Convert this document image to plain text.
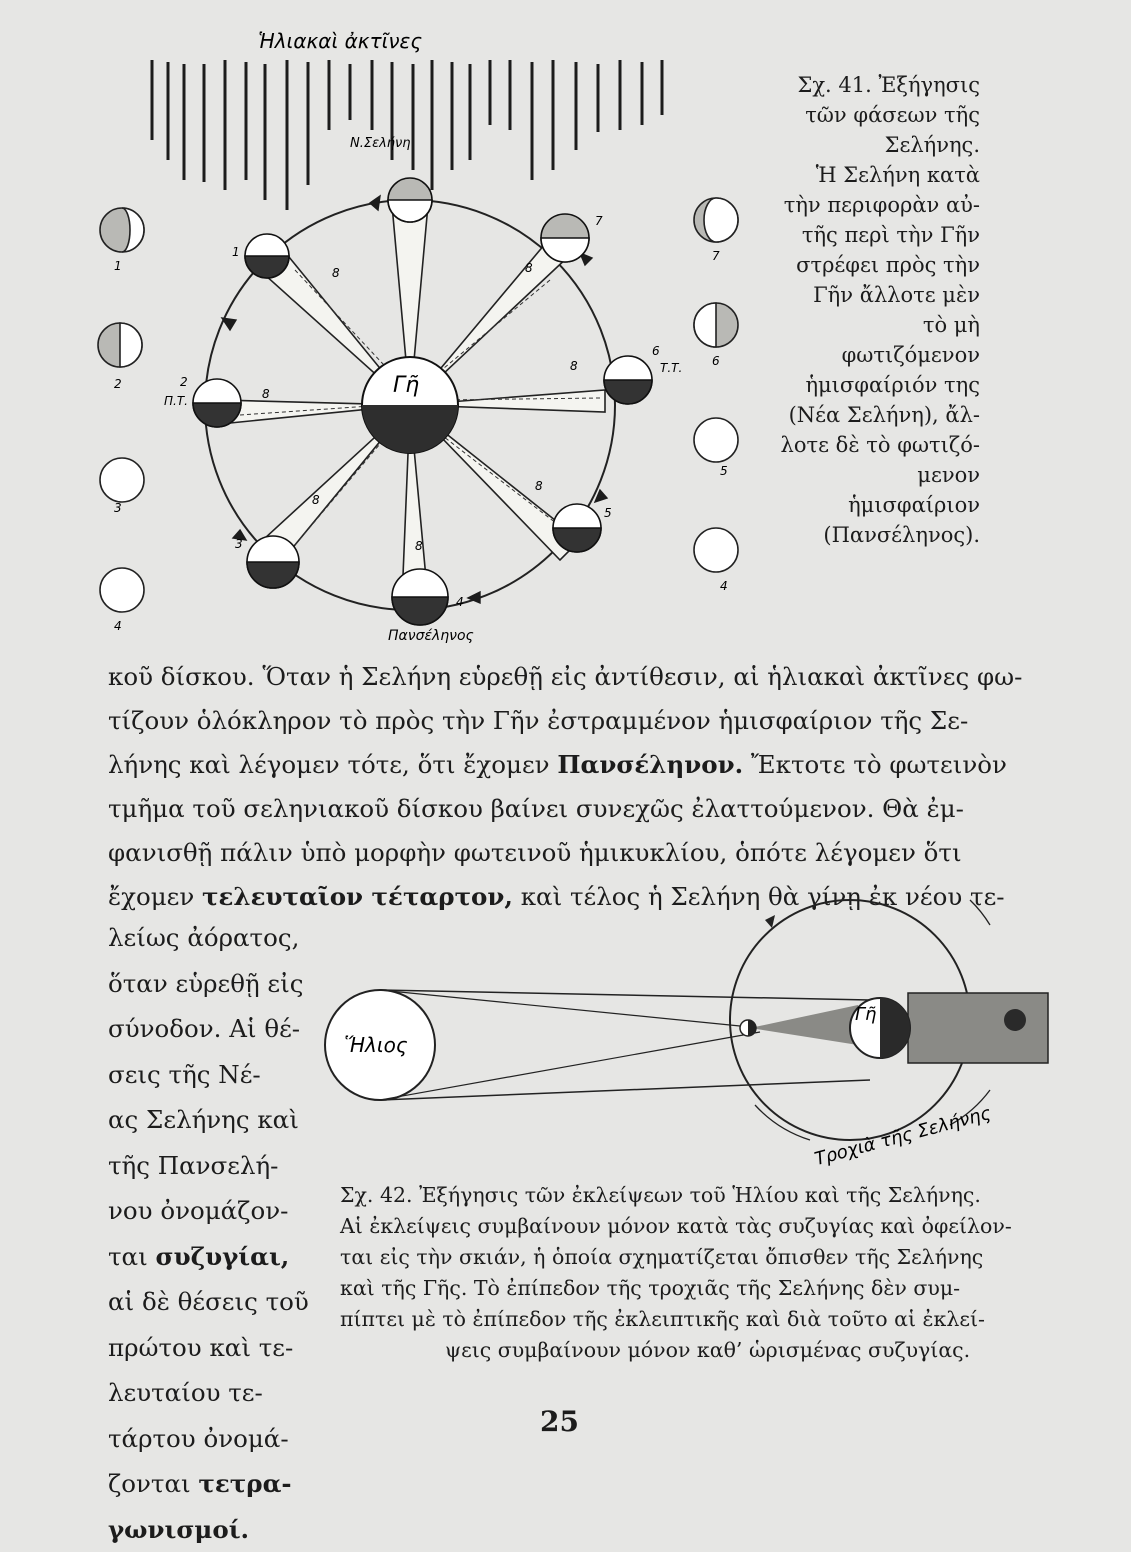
Ἡλιακαὶ ἀκτῖνες
Ν.Σελήνη
Γῆ
1
2
3
4
5
6
7
Π.Τ.
Τ.Τ.
8
8
8
8	8
8
8
Πανσέληνος
1
2
3
4
7
6
5
4

Σχ. 41. Ἐξήγησις

τῶν φάσεων τῆς

Σελήνης.

Ἡ Σελήνη κατὰ

τὴν περιφορὰν αὐ-

τῆς περὶ τὴν Γῆν

στρέφει πρὸς τὴν

Γῆν ἄλλοτε μὲν

τὸ μὴ φωτιζόμενον

ἡμισφαίριόν της

(Νέα Σελήνη), ἄλ-

λοτε δὲ τὸ φωτιζό-

μενον ἡμισφαίριον

(Πανσέληνος).

κοῦ δίσκου. Ὅταν ἡ Σελήνη εὑρεθῇ εἰς ἀντίθεσιν, αἱ ἡλιακαὶ ἀκτῖνες φω-
τίζουν ὁλόκληρον τὸ πρὸς τὴν Γῆν ἐστραμμένον ἡμισφαίριον τῆς Σε-
λήνης καὶ λέγομεν τότε, ὅτι ἔχομεν Πανσέληνον. Ἔκτοτε τὸ φωτεινὸν
τμῆμα τοῦ σεληνιακοῦ δίσκου βαίνει συνεχῶς ἐλαττούμενον. Θὰ ἐμ-
φανισθῇ πάλιν ὑπὸ μορφὴν φωτεινοῦ ἡμικυκλίου, ὁπότε λέγομεν ὅτι
ἔχομεν τελευταῖον τέταρτον, καὶ τέλος ἡ Σελήνη θὰ γίνῃ ἐκ νέου τε-
λείως ἀόρατος,
ὅταν εὑρεθῇ εἰς
σύνοδον. Αἱ θέ-
σεις τῆς Νέ-
ας Σελήνης καὶ
τῆς Πανσελή-
νου ὀνομάζον-
ται συζυγίαι,
αἱ δὲ θέσεις τοῦ
πρώτου καὶ τε-
λευταίου τε-
τάρτου ὀνομά-
ζονται τετρα-
γωνισμοί.
Ἥλιος
Γῆ
Τροχιὰ τῆς Σελήνης
Σχ. 42. Ἐξήγησις τῶν ἐκλείψεων τοῦ Ἡλίου καὶ τῆς Σελήνης.
Αἱ ἐκλείψεις συμβαίνουν μόνον κατὰ τὰς συζυγίας καὶ ὀφείλον-
ται εἰς τὴν σκιάν, ἡ ὁποία σχηματίζεται ὄπισθεν τῆς Σελήνης
καὶ τῆς Γῆς. Τὸ ἐπίπεδον τῆς τροχιᾶς τῆς Σελήνης δὲν συμ-
πίπτει μὲ τὸ ἐπίπεδον τῆς ἐκλειπτικῆς καὶ διὰ τοῦτο αἱ ἐκλεί-
ψεις συμβαίνουν μόνον καθ’ ὡρισμένας συζυγίας.
25
